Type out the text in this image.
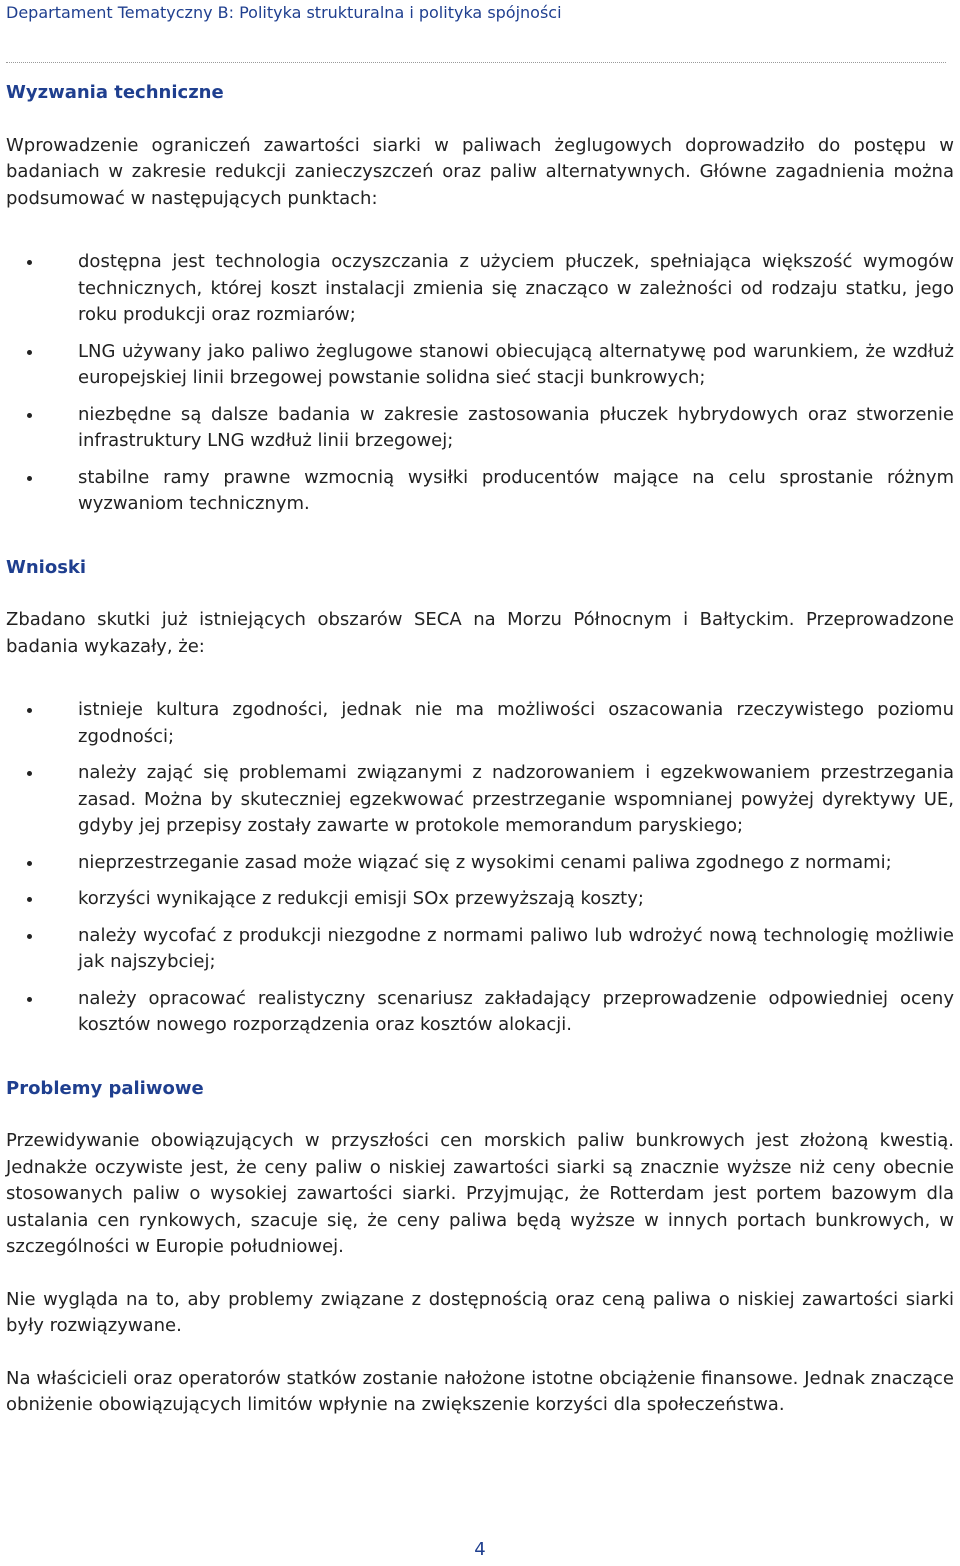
Departament Tematyczny B: Polityka strukturalna i polityka spójności
Wyzwania techniczne

Wprowadzenie ograniczeń zawartości siarki w paliwach żeglugowych doprowadziło do postępu w badaniach w zakresie redukcji zanieczyszczeń oraz paliw alternatywnych. Główne zagadnienia można podsumować w następujących punktach:

dostępna jest technologia oczyszczania z użyciem płuczek, spełniająca większość wymogów technicznych, której koszt instalacji zmienia się znacząco w zależności od rodzaju statku, jego roku produkcji oraz rozmiarów;
LNG używany jako paliwo żeglugowe stanowi obiecującą alternatywę pod warunkiem, że wzdłuż europejskiej linii brzegowej powstanie solidna sieć stacji bunkrowych;
niezbędne są dalsze badania w zakresie zastosowania płuczek hybrydowych oraz stworzenie infrastruktury LNG wzdłuż linii brzegowej;
stabilne ramy prawne wzmocnią wysiłki producentów mające na celu sprostanie różnym wyzwaniom technicznym.
Wnioski

Zbadano skutki już istniejących obszarów SECA na Morzu Północnym i Bałtyckim. Przeprowadzone badania wykazały, że:

istnieje kultura zgodności, jednak nie ma możliwości oszacowania rzeczywistego poziomu zgodności;
należy zająć się problemami związanymi z nadzorowaniem i egzekwowaniem przestrzegania zasad. Można by skuteczniej egzekwować przestrzeganie wspomnianej powyżej dyrektywy UE, gdyby jej przepisy zostały zawarte w protokole memorandum paryskiego;
nieprzestrzeganie zasad może wiązać się z wysokimi cenami paliwa zgodnego z normami;
korzyści wynikające z redukcji emisji SOx przewyższają koszty;
należy wycofać z produkcji niezgodne z normami paliwo lub wdrożyć nową technologię możliwie jak najszybciej;
należy opracować realistyczny scenariusz zakładający przeprowadzenie odpowiedniej oceny kosztów nowego rozporządzenia oraz kosztów alokacji.
Problemy paliwowe

Przewidywanie obowiązujących w przyszłości cen morskich paliw bunkrowych jest złożoną kwestią. Jednakże oczywiste jest, że ceny paliw o niskiej zawartości siarki są znacznie wyższe niż ceny obecnie stosowanych paliw o wysokiej zawartości siarki. Przyjmując, że Rotterdam jest portem bazowym dla ustalania cen rynkowych, szacuje się, że ceny paliwa będą wyższe w innych portach bunkrowych, w szczególności w Europie południowej.

Nie wygląda na to, aby problemy związane z dostępnością oraz ceną paliwa o niskiej zawartości siarki były rozwiązywane.

Na właścicieli oraz operatorów statków zostanie nałożone istotne obciążenie finansowe. Jednak znaczące obniżenie obowiązujących limitów wpłynie na zwiększenie korzyści dla społeczeństwa.

4
